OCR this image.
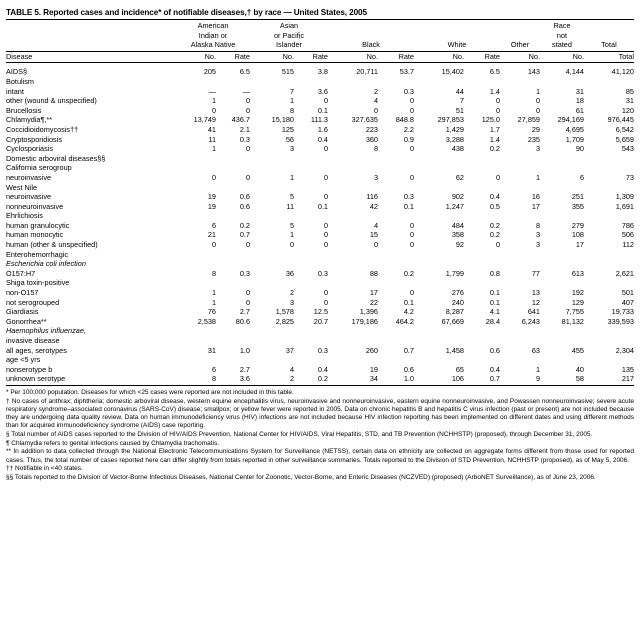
TABLE 5. Reported cases and incidence* of notifiable diseases,† by race — United States, 2005

	American		Asian							Race	
	Indian or		or Pacific							not	
	Alaska Native		Islander		Black		White		Other	stated	Total

Disease	No.	Rate	No.	Rate	No.	Rate	No.	Rate	No.	No.	Total

AIDS§	205	6.5	515	3.8	20,711	53.7	15,402	6.5	143	4,144	41,120
Botulism											
intant	—	—	7	3.6	2	0.3	44	1.4	1	31	85
other (wound & unspecified)	1	0	1	0	4	0	7	0	0	18	31
Brucellosis	0	0	8	0.1	0	0	51	0	0	61	120
Chlamydia¶,**	13,749	436.7	15,180	111.3	327,635	848.8	297,853	125.0	27,859	294,169	976,445
Coccidioidomycosis††	41	2.1	125	1.6	223	2.2	1,429	1.7	29	4,695	6,542
Cryptosporidiosis	11	0.3	56	0.4	360	0.9	3,288	1.4	235	1,709	5,659
Cyclosporiasis	1	0	3	0	8	0	438	0.2	3	90	543
Domestic arboviral diseases§§											
California serogroup											
neuroinvasive	0	0	1	0	3	0	62	0	1	6	73
West Nile											
neuroinvasive	19	0.6	5	0	116	0.3	902	0.4	16	251	1,309
nonneuroinvasive	19	0.6	11	0.1	42	0.1	1,247	0.5	17	355	1,691
Ehrlichiosis											
human granulocytic	6	0.2	5	0	4	0	484	0.2	8	279	786
human monocytic	21	0.7	1	0	15	0	358	0.2	3	108	506
human (other & unspecified)	0	0	0	0	0	0	92	0	3	17	112
Enterohemorrhagic											
Escherichia coli infection											
O157:H7	8	0.3	36	0.3	88	0.2	1,799	0.8	77	613	2,621
Shiga toxin-positive											
non-O157	1	0	2	0	17	0	276	0.1	13	192	501
not serogrouped	1	0	3	0	22	0.1	240	0.1	12	129	407
Giardiasis	76	2.7	1,578	12.5	1,396	4.2	8,287	4.1	641	7,755	19,733
Gonorrhea**	2,538	80.6	2,825	20.7	179,186	464.2	67,669	28.4	6,243	81,132	339,593
Haemophilus influenzae,											
invasive disease											
all ages, serotypes	31	1.0	37	0.3	260	0.7	1,458	0.6	63	455	2,304
age <5 yrs											
nonserotype b	6	2.7	4	0.4	19	0.6	65	0.4	1	40	135
unknown serotype	8	3.6	2	0.2	34	1.0	106	0.7	9	58	217

* Per 100,000 population. Diseases for which <25 cases were reported are not included in this table.

† No cases of anthrax; diphtheria; domestic arboviral disease, western equine encephalitis virus, neuroinvasive and nonneuroinvasive, eastern equine nonneuroinvasive, and Powassen nonneuroinvasive; severe acute respiratory syndrome–associated coronavirus (SARS-CoV) disease; smallpox; or yellow fever were reported in 2005. Data on chronic hepatitis B and hepatitis C virus infection (past or present) are not included because they are undergoing data quality review. Data on human immunodeficiency virus (HIV) infections are not included because HIV infection reporting has been implemented on different dates and using different methods than for acquired immunodeficiency syndrome (AIDS) case reporting.

§ Total number of AIDS cases reported to the Division of HIV/AIDS Prevention, National Center for HIV/AIDS, Viral Hepatitis, STD, and TB Prevention (NCHHSTP) (proposed), through December 31, 2005.

¶ Chlamydia refers to genital infections caused by Chlamydia trachomatis.

** In addition to data collected through the National Electronic Telecommunications System for Surveillance (NETSS), certain data on ethnicity are collected on aggregate forms different from those used for reported cases. Thus, the total number of cases reported here can differ slightly from totals reported in other surveillance summaries. Totals reported to the Division of STD Prevention, NCHHSTP (proposed), as of May 5, 2006.

†† Notifiable in <40 states.

§§ Totals reported to the Division of Vector-Borne Infectious Diseases, National Center for Zoonotic, Vector-Borne, and Enteric Diseases (NCZVED) (proposed) (ArboNET Surveillance), as of June 23, 2006.
